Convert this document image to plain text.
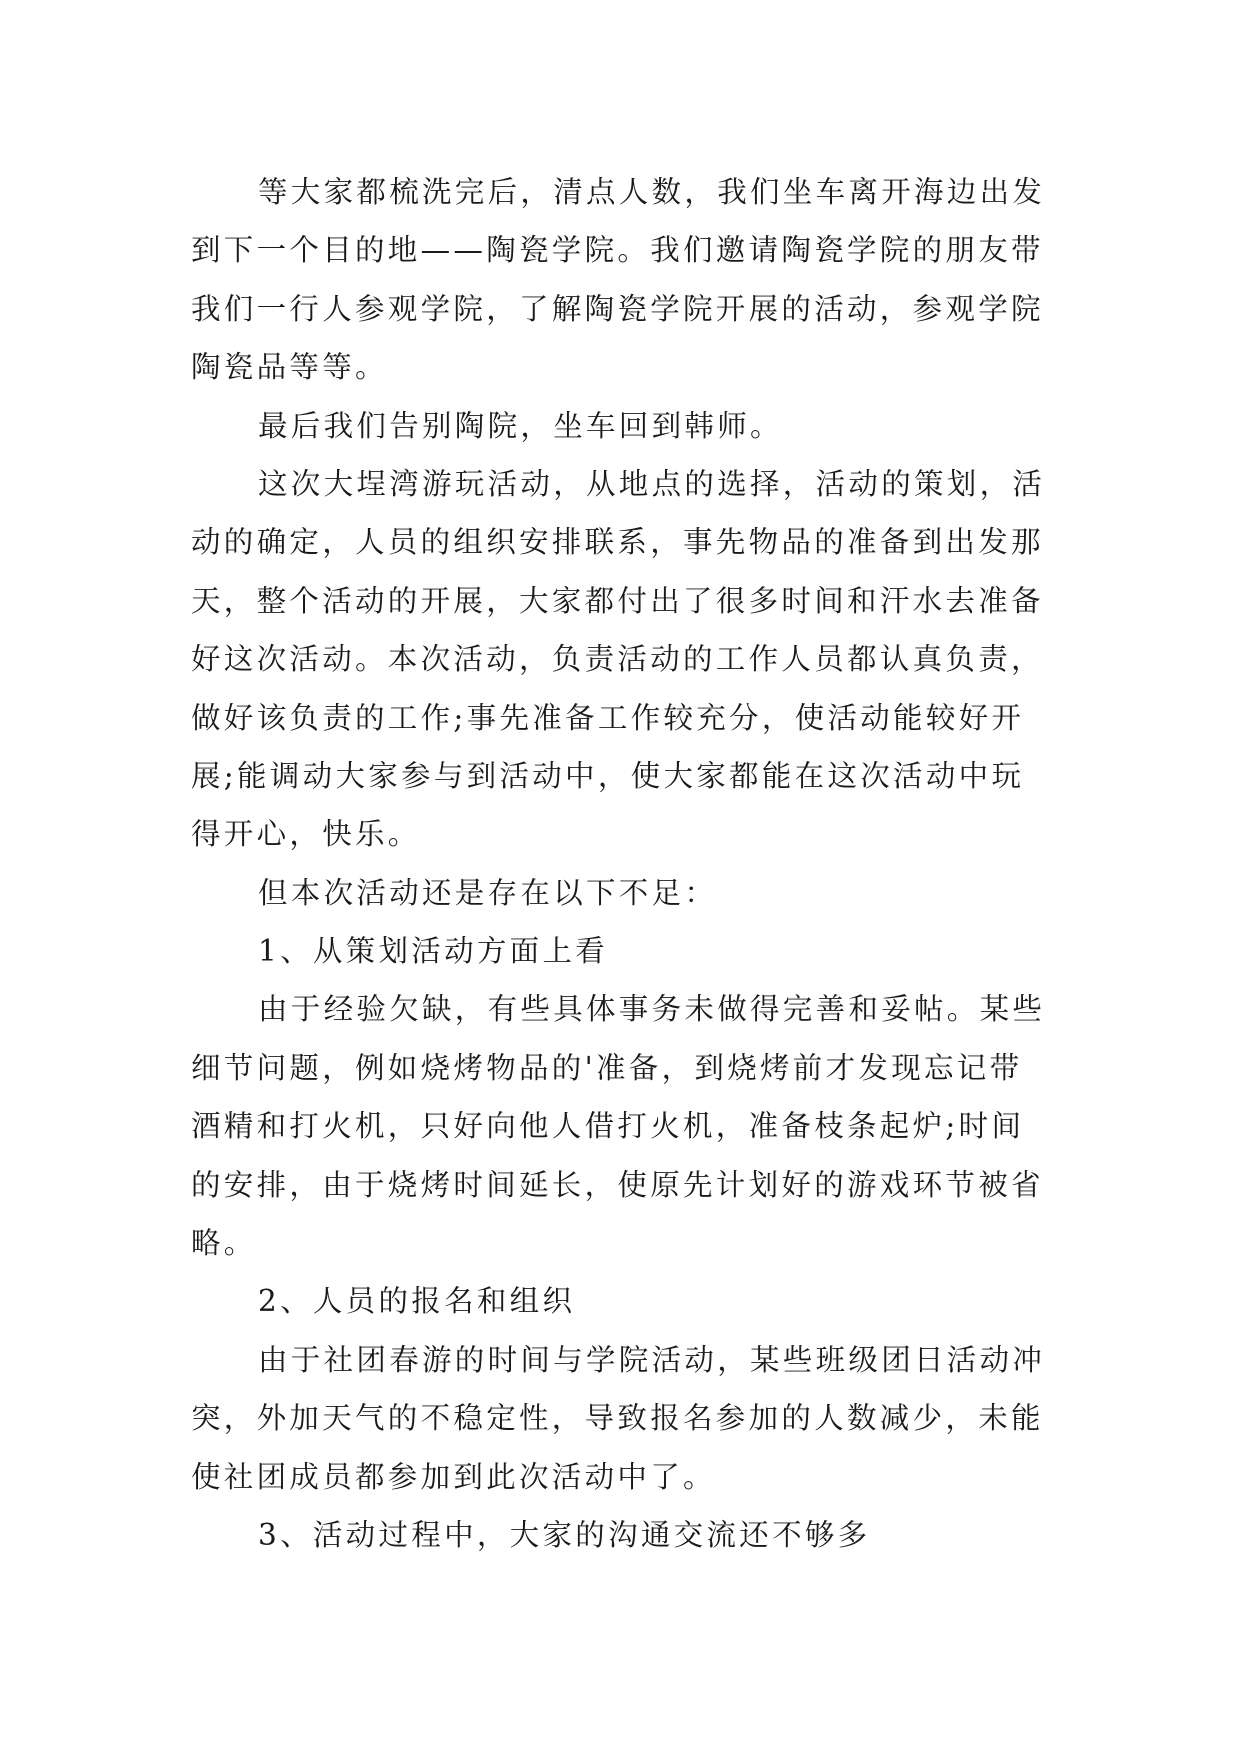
等大家都梳洗完后，清点人数，我们坐车离开海边出发
到下一个目的地——陶瓷学院。我们邀请陶瓷学院的朋友带
我们一行人参观学院，了解陶瓷学院开展的活动，参观学院
陶瓷品等等。
最后我们告别陶院，坐车回到韩师。
这次大埕湾游玩活动，从地点的选择，活动的策划，活
动的确定，人员的组织安排联系，事先物品的准备到出发那
天，整个活动的开展，大家都付出了很多时间和汗水去准备
好这次活动。本次活动，负责活动的工作人员都认真负责，
做好该负责的工作;事先准备工作较充分，使活动能较好开
展;能调动大家参与到活动中，使大家都能在这次活动中玩
得开心，快乐。
但本次活动还是存在以下不足：
1、从策划活动方面上看
由于经验欠缺，有些具体事务未做得完善和妥帖。某些
细节问题，例如烧烤物品的'准备，到烧烤前才发现忘记带
酒精和打火机，只好向他人借打火机，准备枝条起炉;时间
的安排，由于烧烤时间延长，使原先计划好的游戏环节被省
略。
2、人员的报名和组织
由于社团春游的时间与学院活动，某些班级团日活动冲
突，外加天气的不稳定性，导致报名参加的人数减少，未能
使社团成员都参加到此次活动中了。
3、活动过程中，大家的沟通交流还不够多
